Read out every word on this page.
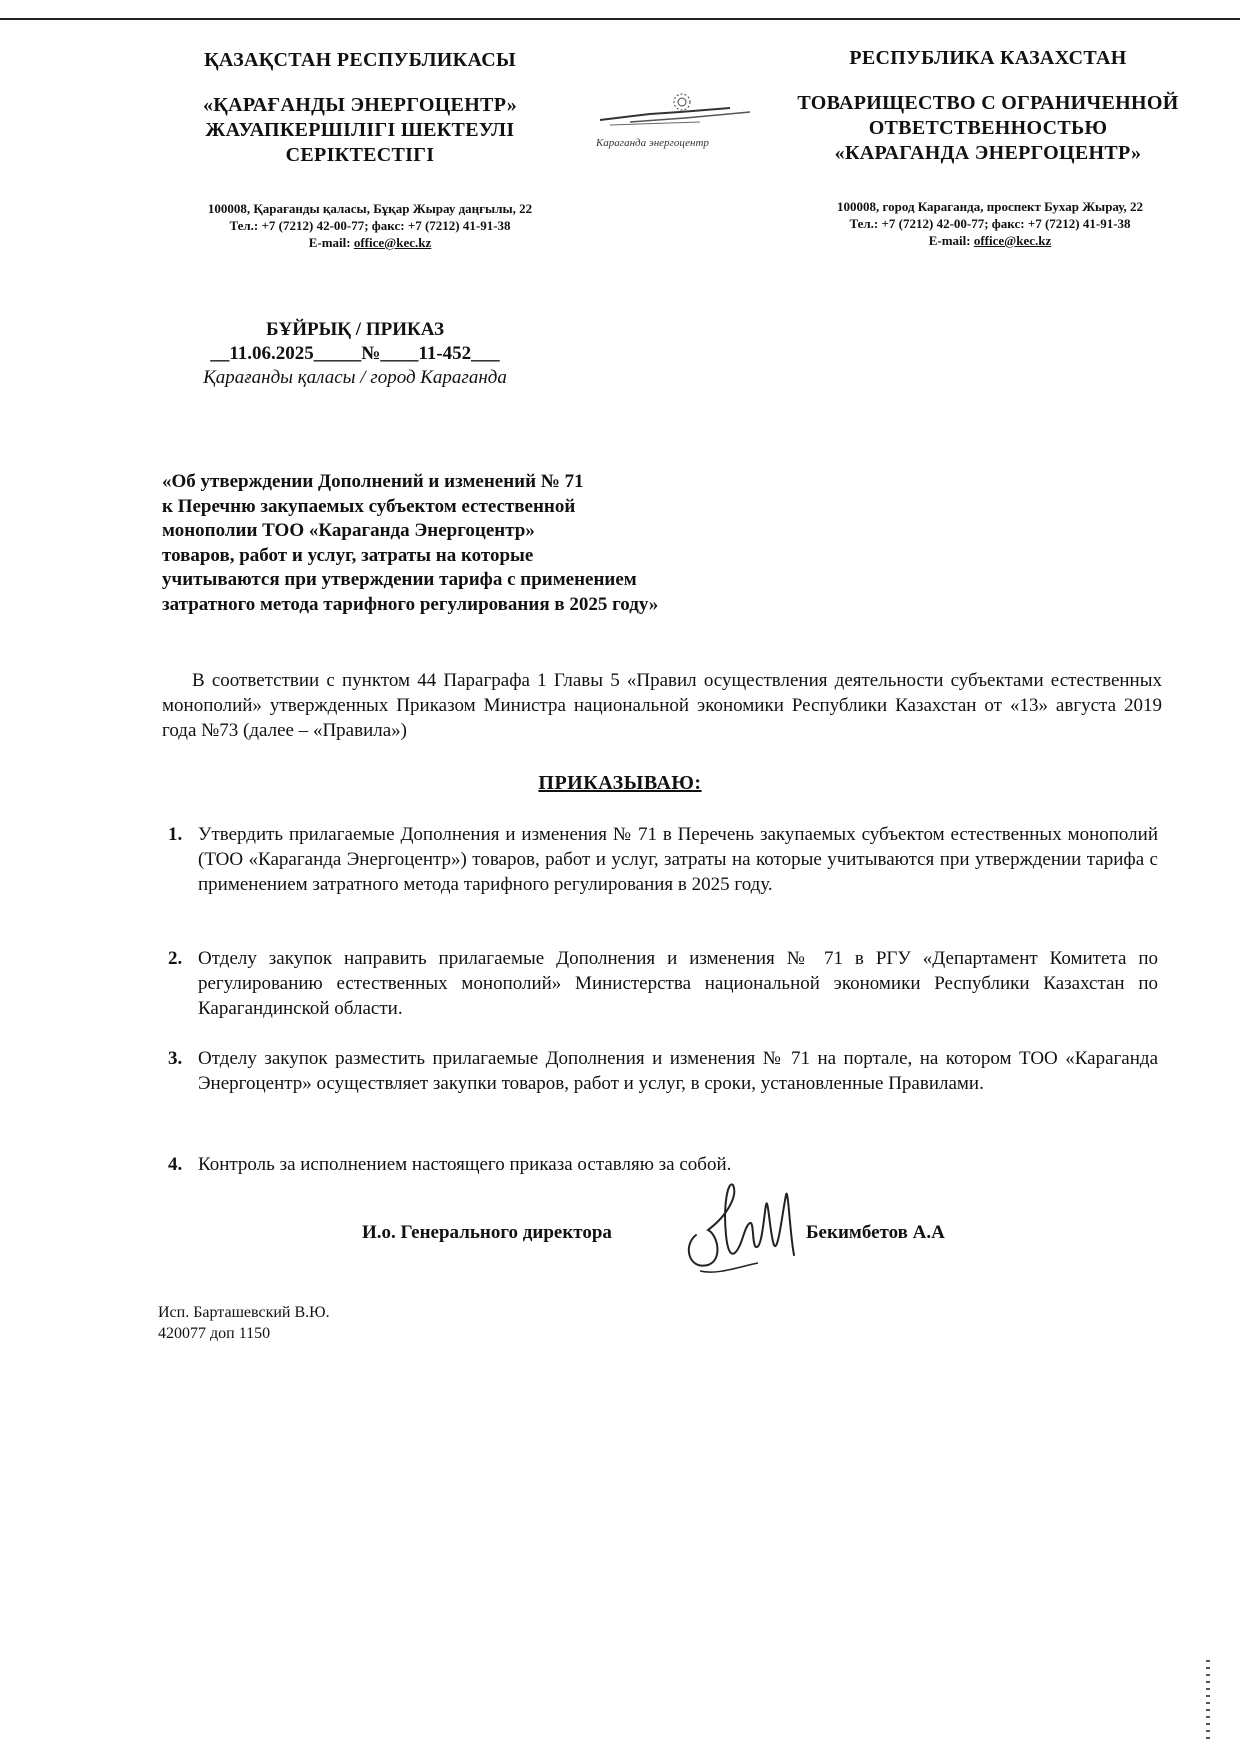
ҚАЗАҚСТАН РЕСПУБЛИКАСЫ
«ҚАРАҒАНДЫ ЭНЕРГОЦЕНТР»
ЖАУАПКЕРШІЛІГІ ШЕКТЕУЛІ
СЕРІКТЕСТІГІ
Караганда энергоцентр
РЕСПУБЛИКА КАЗАХСТАН
ТОВАРИЩЕСТВО С ОГРАНИЧЕННОЙ
ОТВЕТСТВЕННОСТЬЮ
«КАРАГАНДА ЭНЕРГОЦЕНТР»
100008, Қарағанды қаласы, Бұқар Жырау даңғылы, 22
Тел.: +7 (7212) 42-00-77; факс: +7 (7212) 41-91-38
E-mail: office@kec.kz
100008, город Караганда, проспект Бухар Жырау, 22
Тел.: +7 (7212) 42-00-77; факс: +7 (7212) 41-91-38
E-mail: office@kec.kz
БҰЙРЫҚ / ПРИКАЗ
__11.06.2025_____№____11-452___
Қарағанды қаласы / город Караганда
«Об утверждении Дополнений и изменений № 71
к Перечню закупаемых субъектом естественной
монополии ТОО «Караганда Энергоцентр»
товаров, работ и услуг, затраты на которые
учитываются при утверждении тарифа с применением
затратного метода тарифного регулирования в 2025 году»
В соответствии с пунктом 44 Параграфа 1 Главы 5 «Правил осуществления деятельности субъектами естественных монополий» утвержденных Приказом Министра национальной экономики Республики Казахстан от «13» августа 2019 года №73 (далее – «Правила»)
ПРИКАЗЫВАЮ:
1. Утвердить прилагаемые Дополнения и изменения № 71 в Перечень закупаемых субъектом естественных монополий (ТОО «Караганда Энергоцентр») товаров, работ и услуг, затраты на которые учитываются при утверждении тарифа с применением затратного метода тарифного регулирования в 2025 году.
2. Отделу закупок направить прилагаемые Дополнения и изменения № 71 в РГУ «Департамент Комитета по регулированию естественных монополий» Министерства национальной экономики Республики Казахстан по Карагандинской области.
3. Отделу закупок разместить прилагаемые Дополнения и изменения № 71 на портале, на котором ТОО «Караганда Энергоцентр» осуществляет закупки товаров, работ и услуг, в сроки, установленные Правилами.
4. Контроль за исполнением настоящего приказа оставляю за собой.
И.о. Генерального директора	Бекимбетов А.А
Исп. Барташевский В.Ю.
420077 доп 1150
